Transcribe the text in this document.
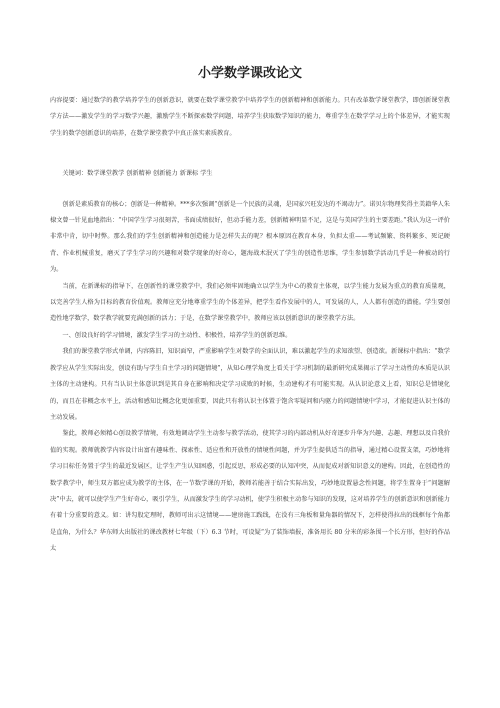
小学数学课改论文

内容提要：通过数学的教学培养学生的创新意识，就要在数学课堂教学中培养学生的创新精神和创新能力。只有改革数学课堂教学，即创新课堂教学方法——激发学生的学习数学兴趣，激励学生不断探索数学问题，培养学生获取数学知识的能力，尊重学生在数学学习上的个体差异，才能实现学生的数学创新意识的培养，在数学课堂教学中真正落实素质教育。

关键词：数学课堂教学 创新精神 创新能力 新课标 学生

创新是素质教育的核心；创新是一种精神。***多次强调“创新是一个民族的灵魂，是国家兴旺发达的不竭动力”。诺贝尔物理奖得主美籍华人朱棣文曾一针见血地指出：“中国学生学习很刻苦，书面成绩很好，但动手能力差，创新精神明显不足，这是与美国学生的主要差距。”我认为这一评价非常中肯，切中时弊。那么我们的学生创新精神和创造能力是怎样失去的呢？根本原因在教育本身，负担太重——考试频繁、资料繁多、死记硬背、作业机械重复，磨灭了学生学习的兴趣和对数学现象的好奇心，题海战术泯灭了学生的创造性思维，学生参加数学活动几乎是一种被动的行为。

当前，在新课标的指导下，在创新性的课堂教学中，我们必须牢固地确立以学生为中心的教育主体观，以学生能力发展为重点的教育质量观，以完善学生人格为目标的教育价值观。教师应充分地尊重学生的个体差异，把学生看作发展中的人，可发展的人，人人都有创造的潜能。学生要创造性地学数学，数学教学就要充满创新的活力；于是，在数学课堂教学中，教师应该以创新意识的课堂教学方法。

一、创设良好的学习情境，激发学生学习的主动性、积极性，培养学生的创新思维。

我们的课堂教学形式单调，内容陈旧，知识面窄，严重影响学生对数学的全面认识，难以激起学生的求知欲望、创造欲。新课标中指出：“数学教学应从学生实际出发，创设有助与学生自主学习的问题情境”，从知心理学角度上看关于学习机制的最新研究成果揭示了学习主动性的本质是认识主体的主动建构。只有当认识主体意识到是其自身在影响和决定学习成败的时候，生动建构才有可能实现。从认识论意义上看，知识总是情境化的，而且在非概念水平上，活动和感知比概念化更加重要，因此只有将认识主体置于饱含零疑问和内驱力的问题情境中学习，才能促进认识主体的主动发展。

鉴此，教师必须精心创设教学情境，有效地调动学生主动参与教学活动，使其学习的内部动机从好奇逐步升华为兴趣、志趣、理想以及自我价值的实现。教师就教学内容设计出富有趣味性、探索性、适应性和开放性的情境性问题，并为学生提供适当的指导，通过精心设置支架，巧妙地将学习目标任务置于学生的最近发展区，让学生产生认知困惑，引起反思，形成必要的认知冲突，从而促成对新知识意义的建构。因此，在创造性的数学教学中，师生双方都应成为教学的主体，在一节数学课的开始，教师若能善于结合实际出发，巧妙地设置悬念性问题，将学生置身于“问题解决”中去，就可以使学生产生好奇心，吸引学生，从而激发学生的学习动机，使学生积极主动参与知识的发现，这对培养学生的创新意识和创新能力有着十分重要的意义。如：讲勾股定理时，教师可出示这情境——建房施工践线，在没有三角板和量角器的情况下，怎样使得拉出的线框每个角都是直角，为什么？华东师大出版社的课改教材七年级（下）6.3 节时，可设疑“为了装饰墙报，准备用长 80 分米的彩条围一个长方形，但好的作品太
